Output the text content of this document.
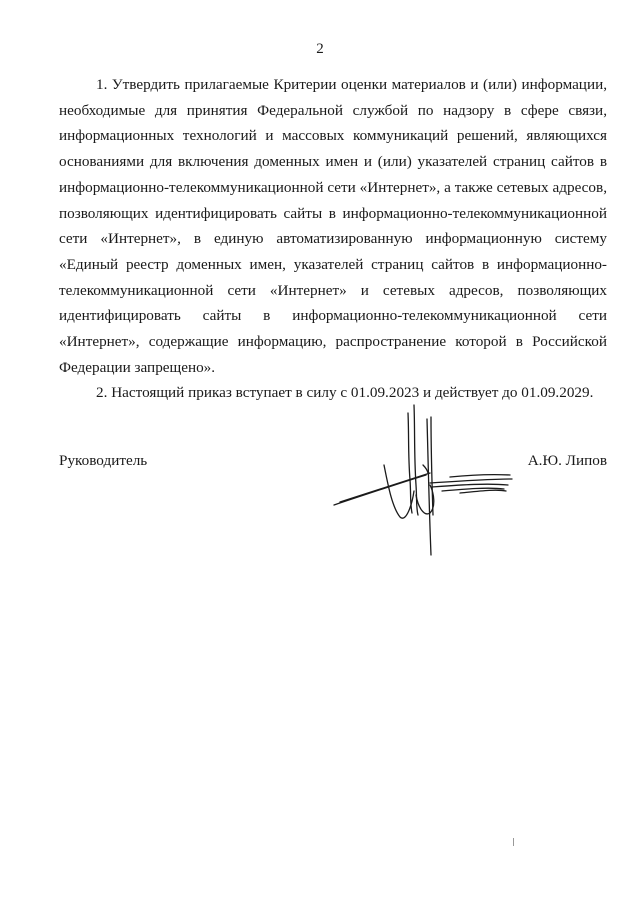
2

1. Утвердить прилагаемые Критерии оценки материалов и (или) информации, необходимые для принятия Федеральной службой по надзору в сфере связи, информационных технологий и массовых коммуникаций решений, являющихся основаниями для включения доменных имен и (или) указателей страниц сайтов в информационно-телекоммуникационной сети «Интернет», а также сетевых адресов, позволяющих идентифицировать сайты в информационно-телекоммуникационной сети «Интернет», в единую автоматизированную информационную систему «Единый реестр доменных имен, указателей страниц сайтов в информационно-телекоммуникационной сети «Интернет» и сетевых адресов, позволяющих идентифицировать сайты в информационно-телекоммуникационной сети «Интернет», содержащие информацию, распространение которой в Российской Федерации запрещено».

2. Настоящий приказ вступает в силу с 01.09.2023 и действует до 01.09.2029.

Руководитель	А.Ю. Липов
